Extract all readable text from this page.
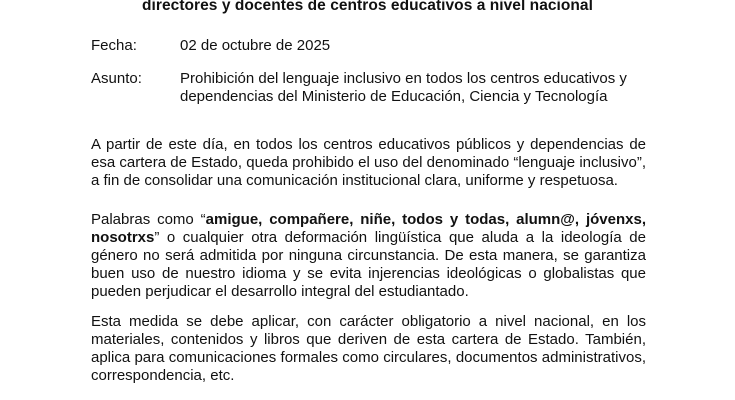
directores y docentes de centros educativos a nivel nacional
Fecha:	02 de octubre de 2025
Asunto:	Prohibición del lenguaje inclusivo en todos los centros educativos y
dependencias del Ministerio de Educación, Ciencia y Tecnología
A partir de este día, en todos los centros educativos públicos y dependencias de
esa cartera de Estado, queda prohibido el uso del denominado “lenguaje inclusivo”,
a fin de consolidar una comunicación institucional clara, uniforme y respetuosa.
Palabras como “amigue, compañere, niñe, todos y todas, alumn@, jóvenxs,
nosotrxs” o cualquier otra deformación lingüística que aluda a la ideología de
género no será admitida por ninguna circunstancia. De esta manera, se garantiza
buen uso de nuestro idioma y se evita injerencias ideológicas o globalistas que
pueden perjudicar el desarrollo integral del estudiantado.
Esta medida se debe aplicar, con carácter obligatorio a nivel nacional, en los
materiales, contenidos y libros que deriven de esta cartera de Estado. También,
aplica para comunicaciones formales como circulares, documentos administrativos,
correspondencia, etc.
